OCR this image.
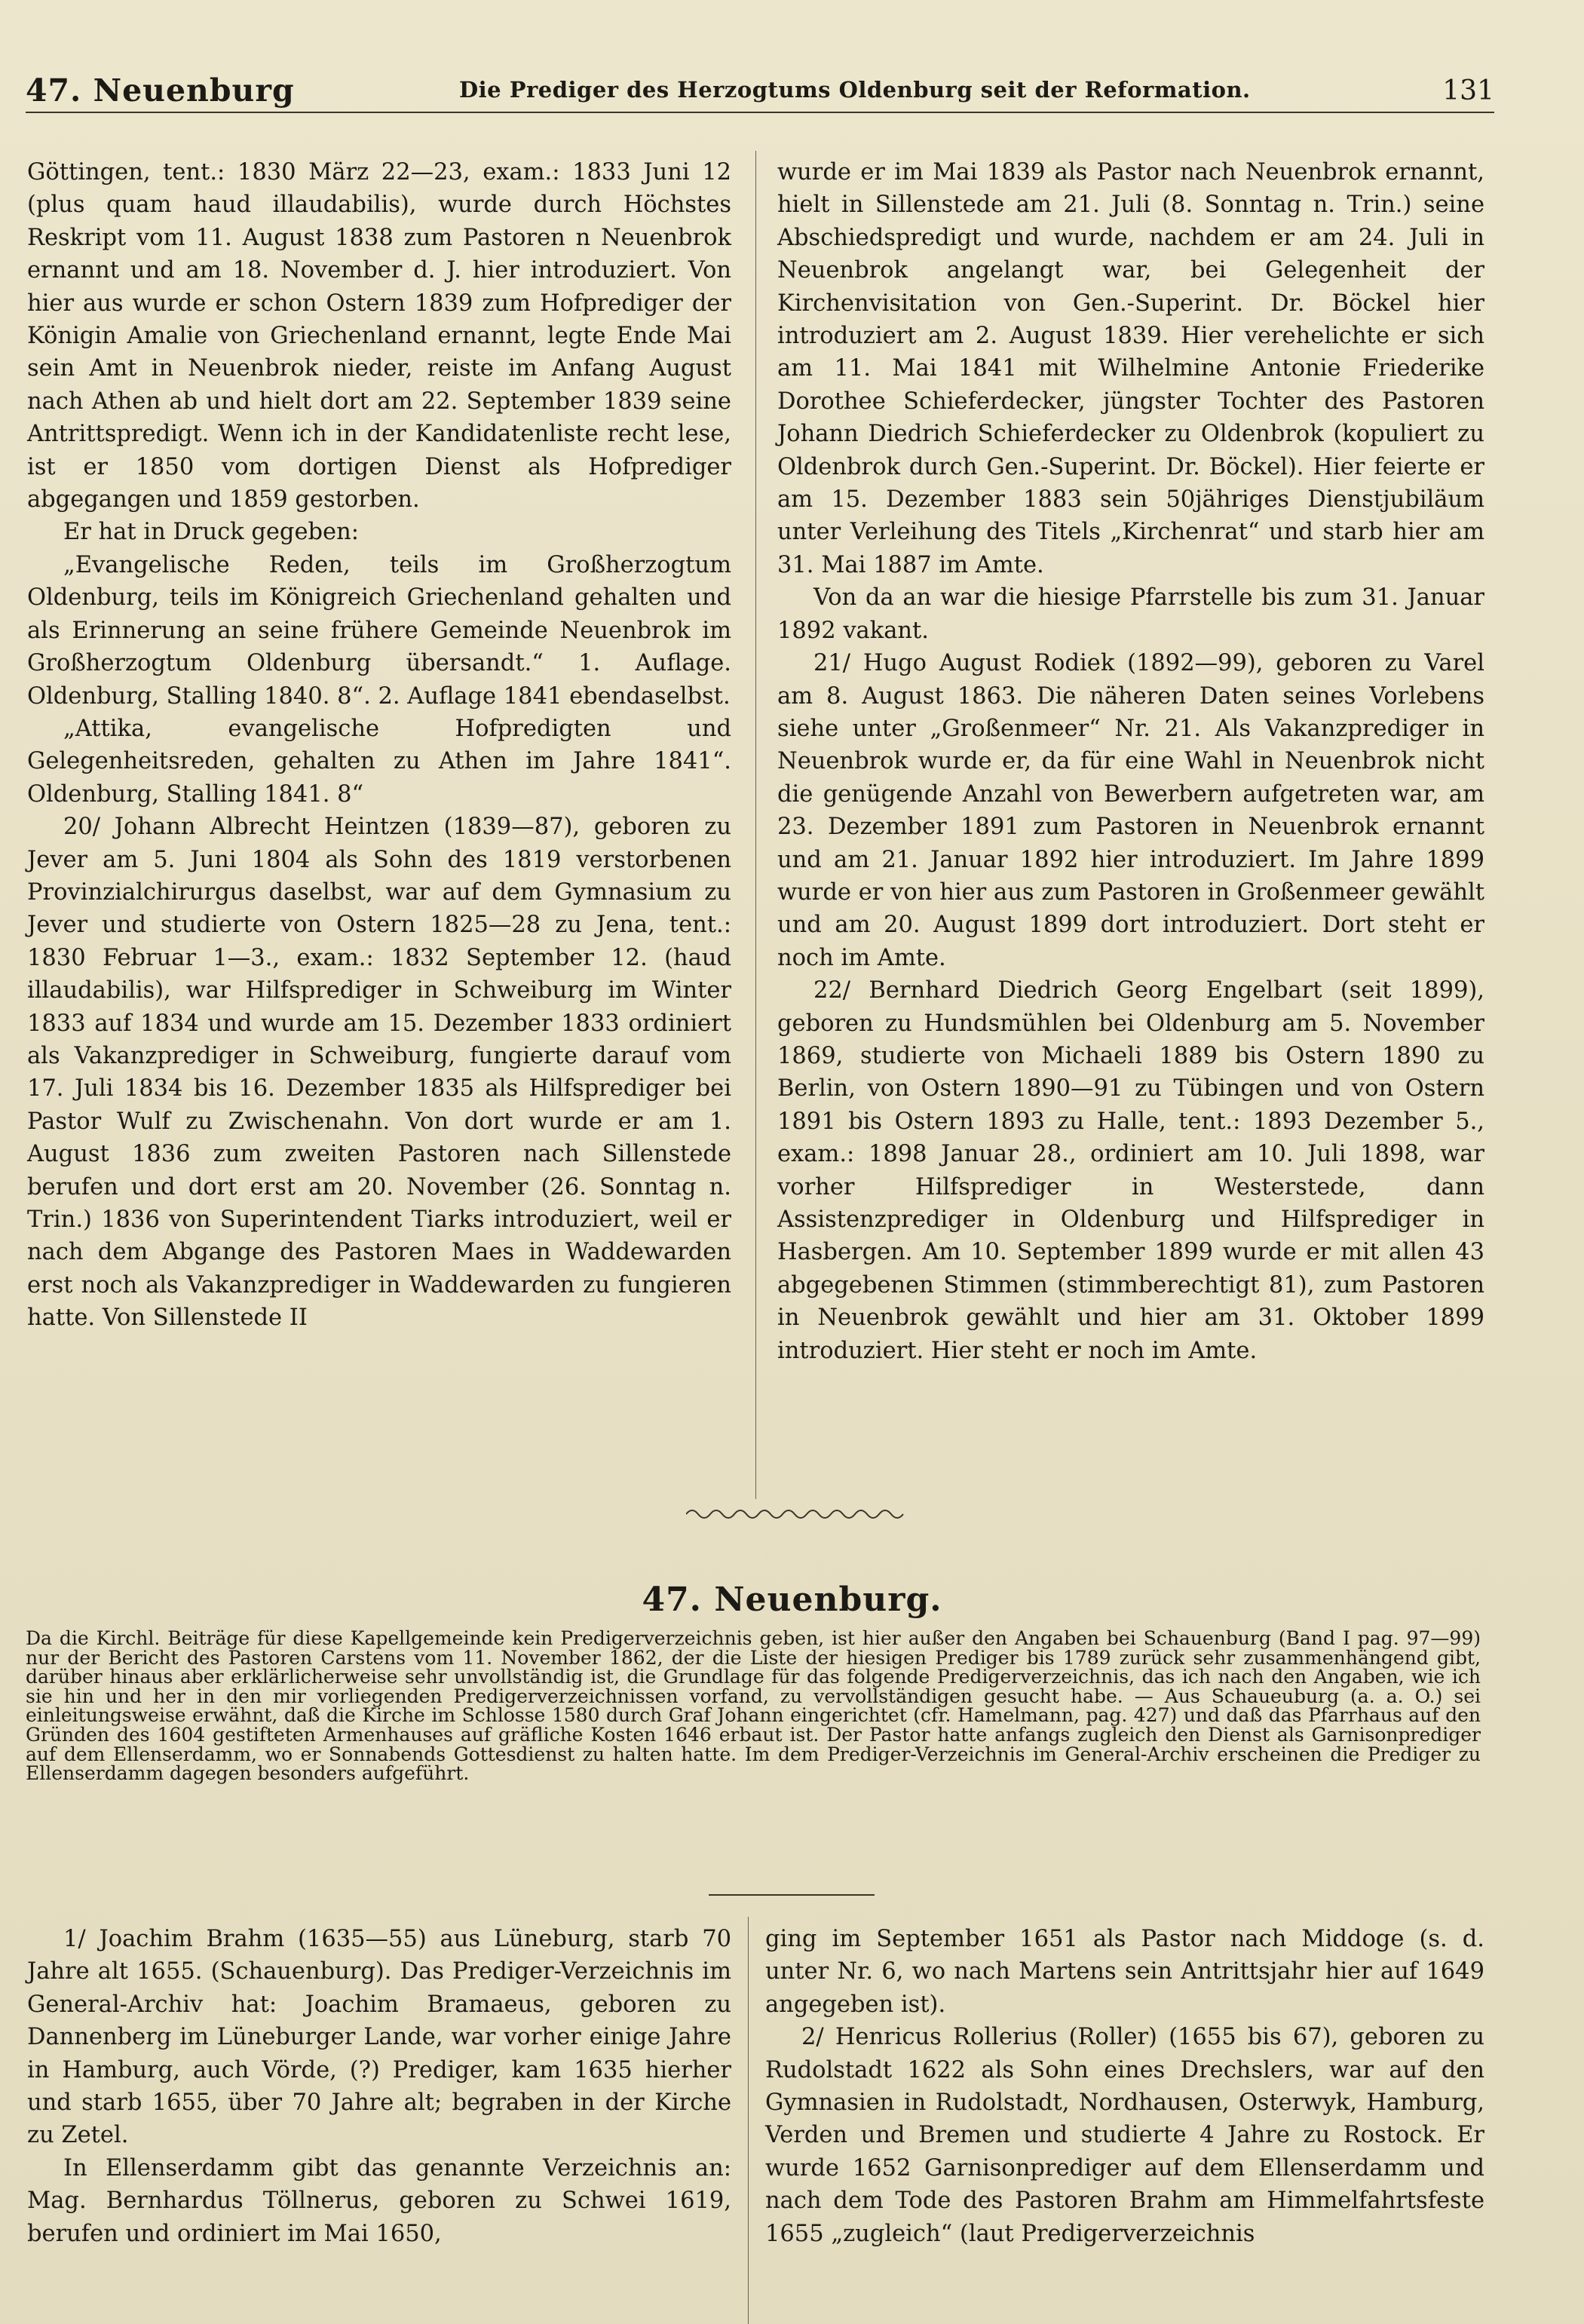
47. Neuenburg	Die Prediger des Herzogtums Oldenburg seit der Reformation.	131

Göttingen, tent.: 1830 März 22—23, exam.: 1833 Juni 12 (plus quam haud illaudabilis), wurde durch Höchstes Reskript vom 11. August 1838 zum Pastoren n Neuenbrok ernannt und am 18. November d. J. hier introduziert. Von hier aus wurde er schon Ostern 1839 zum Hofprediger der Königin Amalie von Griechenland ernannt, legte Ende Mai sein Amt in Neuenbrok nieder, reiste im Anfang August nach Athen ab und hielt dort am 22. September 1839 seine Antrittspredigt. Wenn ich in der Kandidatenliste recht lese, ist er 1850 vom dortigen Dienst als Hofprediger abgegangen und 1859 gestorben.

Er hat in Druck gegeben:

„Evangelische Reden, teils im Großherzogtum Oldenburg, teils im Königreich Griechenland gehalten und als Erinnerung an seine frühere Gemeinde Neuenbrok im Großherzogtum Oldenburg übersandt.“ 1. Auflage. Oldenburg, Stalling 1840. 8“. 2. Auflage 1841 ebendaselbst.

„Attika, evangelische Hofpredigten und Gelegenheitsreden, gehalten zu Athen im Jahre 1841“. Oldenburg, Stalling 1841. 8“

20/ Johann Albrecht Heintzen (1839—87), geboren zu Jever am 5. Juni 1804 als Sohn des 1819 verstorbenen Provinzialchirurgus daselbst, war auf dem Gymnasium zu Jever und studierte von Ostern 1825—28 zu Jena, tent.: 1830 Februar 1—3., exam.: 1832 September 12. (haud illaudabilis), war Hilfsprediger in Schweiburg im Winter 1833 auf 1834 und wurde am 15. Dezember 1833 ordiniert als Vakanzprediger in Schweiburg, fungierte darauf vom 17. Juli 1834 bis 16. Dezember 1835 als Hilfsprediger bei Pastor Wulf zu Zwischenahn. Von dort wurde er am 1. August 1836 zum zweiten Pastoren nach Sillenstede berufen und dort erst am 20. November (26. Sonntag n. Trin.) 1836 von Superintendent Tiarks introduziert, weil er nach dem Abgange des Pastoren Maes in Waddewarden erst noch als Vakanzprediger in Waddewarden zu fungieren hatte. Von Sillenstede II

wurde er im Mai 1839 als Pastor nach Neuenbrok ernannt, hielt in Sillenstede am 21. Juli (8. Sonntag n. Trin.) seine Abschiedspredigt und wurde, nachdem er am 24. Juli in Neuenbrok angelangt war, bei Gelegenheit der Kirchenvisitation von Gen.-Superint. Dr. Böckel hier introduziert am 2. August 1839. Hier verehelichte er sich am 11. Mai 1841 mit Wilhelmine Antonie Friederike Dorothee Schieferdecker, jüngster Tochter des Pastoren Johann Diedrich Schieferdecker zu Oldenbrok (kopuliert zu Oldenbrok durch Gen.-Superint. Dr. Böckel). Hier feierte er am 15. Dezember 1883 sein 50jähriges Dienstjubiläum unter Verleihung des Titels „Kirchenrat“ und starb hier am 31. Mai 1887 im Amte.

Von da an war die hiesige Pfarrstelle bis zum 31. Januar 1892 vakant.

21/ Hugo August Rodiek (1892—99), geboren zu Varel am 8. August 1863. Die näheren Daten seines Vorlebens siehe unter „Großenmeer“ Nr. 21. Als Vakanzprediger in Neuenbrok wurde er, da für eine Wahl in Neuenbrok nicht die genügende Anzahl von Bewerbern aufgetreten war, am 23. Dezember 1891 zum Pastoren in Neuenbrok ernannt und am 21. Januar 1892 hier introduziert. Im Jahre 1899 wurde er von hier aus zum Pastoren in Großenmeer gewählt und am 20. August 1899 dort introduziert. Dort steht er noch im Amte.

22/ Bernhard Diedrich Georg Engelbart (seit 1899), geboren zu Hundsmühlen bei Oldenburg am 5. November 1869, studierte von Michaeli 1889 bis Ostern 1890 zu Berlin, von Ostern 1890—91 zu Tübingen und von Ostern 1891 bis Ostern 1893 zu Halle, tent.: 1893 Dezember 5., exam.: 1898 Januar 28., ordiniert am 10. Juli 1898, war vorher Hilfsprediger in Westerstede, dann Assistenzprediger in Oldenburg und Hilfsprediger in Hasbergen. Am 10. September 1899 wurde er mit allen 43 abgegebenen Stimmen (stimmberechtigt 81), zum Pastoren in Neuenbrok gewählt und hier am 31. Oktober 1899 introduziert. Hier steht er noch im Amte.

47. Neuenburg.

Da die Kirchl. Beiträge für diese Kapellgemeinde kein Predigerverzeichnis geben, ist hier außer den Angaben bei Schauenburg (Band I pag. 97—99) nur der Bericht des Pastoren Carstens vom 11. November 1862, der die Liste der hiesigen Prediger bis 1789 zurück sehr zusammenhängend gibt, darüber hinaus aber erklärlicherweise sehr unvollständig ist, die Grundlage für das folgende Predigerverzeichnis, das ich nach den Angaben, wie ich sie hin und her in den mir vorliegenden Predigerverzeichnissen vorfand, zu vervollständigen gesucht habe. — Aus Schaueuburg (a. a. O.) sei einleitungsweise erwähnt, daß die Kirche im Schlosse 1580 durch Graf Johann eingerichtet (cfr. Hamelmann, pag. 427) und daß das Pfarrhaus auf den Gründen des 1604 gestifteten Armenhauses auf gräfliche Kosten 1646 erbaut ist. Der Pastor hatte anfangs zugleich den Dienst als Garnisonprediger auf dem Ellenserdamm, wo er Sonnabends Gottesdienst zu halten hatte. Im dem Prediger-Verzeichnis im General-Archiv erscheinen die Prediger zu Ellenserdamm dagegen besonders aufgeführt.

1/ Joachim Brahm (1635—55) aus Lüneburg, starb 70 Jahre alt 1655. (Schauenburg). Das Prediger-Verzeichnis im General-Archiv hat: Joachim Bramaeus, geboren zu Dannenberg im Lüneburger Lande, war vorher einige Jahre in Hamburg, auch Vörde, (?) Prediger, kam 1635 hierher und starb 1655, über 70 Jahre alt; begraben in der Kirche zu Zetel.

In Ellenserdamm gibt das genannte Verzeichnis an: Mag. Bernhardus Töllnerus, geboren zu Schwei 1619, berufen und ordiniert im Mai 1650,

ging im September 1651 als Pastor nach Middoge (s. d. unter Nr. 6, wo nach Martens sein Antrittsjahr hier auf 1649 angegeben ist).

2/ Henricus Rollerius (Roller) (1655 bis 67), geboren zu Rudolstadt 1622 als Sohn eines Drechslers, war auf den Gymnasien in Rudolstadt, Nordhausen, Osterwyk, Hamburg, Verden und Bremen und studierte 4 Jahre zu Rostock. Er wurde 1652 Garnisonprediger auf dem Ellenserdamm und nach dem Tode des Pastoren Brahm am Himmelfahrtsfeste 1655 „zugleich“ (laut Predigerverzeichnis
